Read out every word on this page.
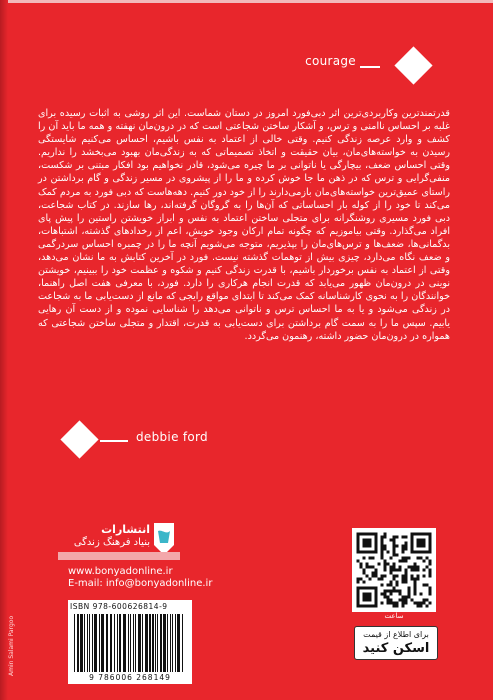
courage

قدرتمندترین وکاربردی‌ترین اثر دبی‌فورد امروز در دستان شماست. این اثر روشی به اثبات رسیده برای غلبه بر احساس ناامنی و ترس، و آشکار ساختن شجاعتی است که در درون‌مان نهفته و همه ما باید آن را کشف و وارد عرصه زندگی کنیم. وقتی خالی از اعتماد به نفس باشیم، احساس می‌کنیم شایستگی رسیدن به خواسته‌های‌مان، بیان حقیقت و اتخاذ تصمیماتی که به زندگی‌مان بهبود می‌بخشد را نداریم. وقتی احساس ضعف، بیچارگی یا ناتوانی بر ما چیره می‌شود، قادر نخواهیم بود افکار مبتنی بر شکست، منفی‌گرایی و ترس که در ذهن ما جا خوش کرده و ما را از پیشروی در مسیر زندگی و گام برداشتن در راستای عمیق‌ترین خواسته‌های‌مان بازمی‌دارند را از خود دور کنیم. دهه‌هاست که دبی فورد به مردم کمک می‌کند تا خود را از کوله بار احساساتی که آن‌ها را به گروگان گرفته‌اند، رها سازند. در کتاب شجاعت، دبی فورد مسیری روشنگرانه برای متجلی ساختن اعتماد به نفس و ابراز خویشتن راستین را پیش پای افراد می‌گذارد. وقتی بیاموزیم که چگونه تمام ارکان وجود خویش، اعم از رخدادهای گذشته، اشتباهات، بدگمانی‌ها، ضعف‌ها و ترس‌های‌مان را بپذیریم، متوجه می‌شویم آنچه ما را در چمبره احساس سردرگمی و ضعف نگاه می‌دارد، چیزی بیش از توهمات گذشته نیست. فورد در آخرین کتابش به ما نشان می‌دهد، وقتی از اعتماد به نفس برخوردار باشیم، با قدرت زندگی کنیم و شکوه و عظمت خود را ببینیم، خویشتن نوینی در درون‌مان ظهور می‌یابد که قدرت انجام هرکاری را دارد. فورد، با معرفی هفت اصل راهنما، خوانندگان را به نحوی کارشناسانه کمک می‌کند تا ابتدای مواقع رایجی که مانع از دست‌یابی ما به شجاعت در زندگی می‌شود و یا به ما احساس ترس و ناتوانی می‌دهد را شناسایی نموده و از دست آن رهایی یابیم. سپس ما را به سمت گام برداشتن برای دست‌یابی به قدرت، اقتدار و متجلی ساختن شجاعتی که همواره در درون‌مان حضور داشته، رهنمون می‌گردد.

debbie ford
انتشارات
بنیاد فرهنگ زندگی
www.bonyadonline.ir
E-mail: info@bonyadonline.ir
ISBN 978-600626814-9
9 786006 268149
ساعت
برای اطلاع از قیمت
اسکن کنید
Amin Salami Pargoo
